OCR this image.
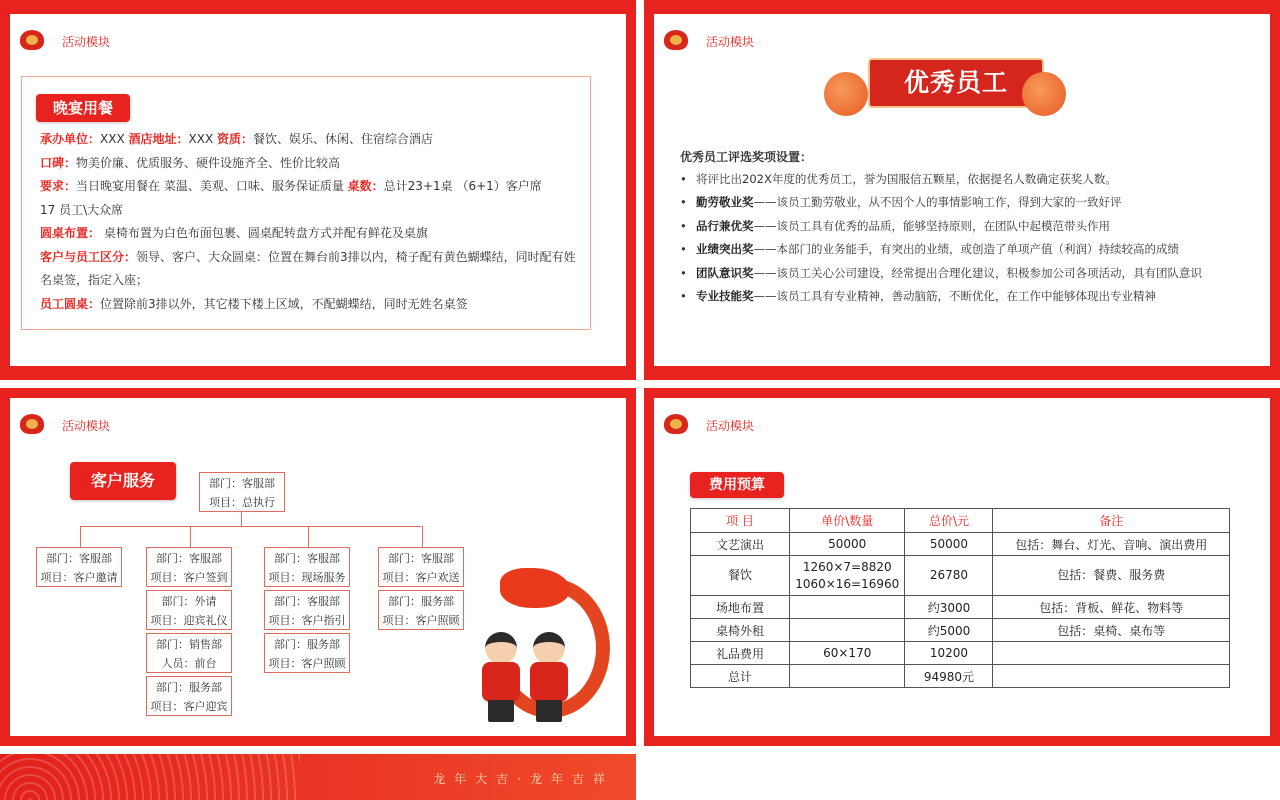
活动模块
晚宴用餐
承办单位：XXX 酒店地址：XXX 资质：餐饮、娱乐、休闲、住宿综合酒店
口碑：物美价廉、优质服务、硬件设施齐全、性价比较高
要求：当日晚宴用餐在 菜温、美观、口味、服务保证质量 桌数：总计23+1桌 （6+1）客户席
17 员工\大众席
圆桌布置： 桌椅布置为白色布面包裹、圆桌配转盘方式并配有鲜花及桌旗
客户与员工区分：领导、客户、大众圆桌：位置在舞台前3排以内，椅子配有黄色蝴蝶结，同时配有姓
名桌签，指定入座；
员工圆桌：位置除前3排以外，其它楼下楼上区域，不配蝴蝶结，同时无姓名桌签
活动模块
优秀员工
优秀员工评选奖项设置：
• 将评比出202X年度的优秀员工，誉为国服信五颗星，依据提名人数确定获奖人数。
• 勤劳敬业奖——该员工勤劳敬业，从不因个人的事情影响工作，得到大家的一致好评
• 品行兼优奖——该员工具有优秀的品质，能够坚持原则，在团队中起模范带头作用
• 业绩突出奖——本部门的业务能手，有突出的业绩，或创造了单项产值（利润）持续较高的成绩
• 团队意识奖——该员工关心公司建设，经常提出合理化建议，积极参加公司各项活动，具有团队意识
• 专业技能奖——该员工具有专业精神，善动脑筋，不断优化，在工作中能够体现出专业精神
活动模块
客户服务	部门：客服部
项目：总执行
部门：客服部
项目：客户邀请
部门：客服部
项目：客户签到
部门：外请
项目：迎宾礼仪
部门：销售部
人员：前台
部门：服务部
项目：客户迎宾
部门：客服部
项目：现场服务
部门：客服部
项目：客户指引
部门：服务部
项目：客户照顾
部门：客服部
项目：客户欢送
部门：服务部
项目：客户照顾
活动模块
费用预算
项 目	单价\数量	总价\元	备注
文艺演出	50000	50000	包括：舞台、灯光、音响、演出费用
餐饮	1260×7=8820
1060×16=16960	26780	包括：餐费、服务费
场地布置		约3000	包括：背板、鲜花、物料等
桌椅外租		约5000	包括：桌椅、桌布等
礼品费用	60×170	10200	
总计		94980元	
龙年大吉·龙年吉祥
